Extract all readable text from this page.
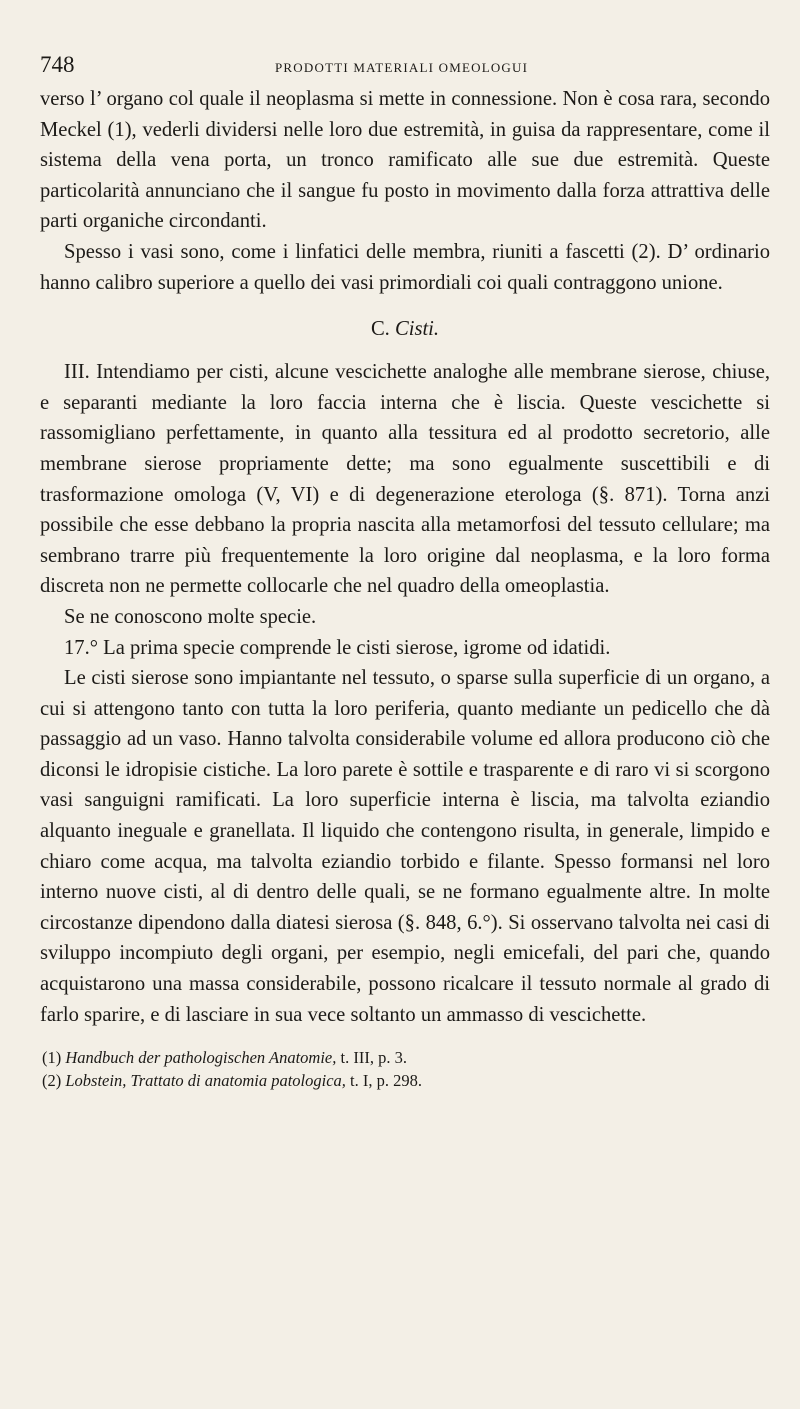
748	PRODOTTI MATERIALI OMEOLOGUI

verso l’ organo col quale il neoplasma si mette in connessione. Non è cosa rara, secondo Meckel (1), vederli dividersi nelle loro due estremità, in guisa da rappresentare, come il sistema della vena porta, un tronco ramificato alle sue due estremità. Queste particolarità annunciano che il sangue fu posto in movimento dalla forza attrattiva delle parti organiche circondanti.

Spesso i vasi sono, come i linfatici delle membra, riuniti a fascetti (2). D’ ordinario hanno calibro superiore a quello dei vasi primordiali coi quali contraggono unione.

C. Cisti.

III. Intendiamo per cisti, alcune vescichette analoghe alle membrane sierose, chiuse, e separanti mediante la loro faccia interna che è liscia. Queste vescichette si rassomigliano perfettamente, in quanto alla tessitura ed al prodotto secretorio, alle membrane sierose propriamente dette; ma sono egualmente suscettibili e di trasformazione omologa (V, VI) e di degenerazione eterologa (§. 871). Torna anzi possibile che esse debbano la propria nascita alla metamorfosi del tessuto cellulare; ma sembrano trarre più frequentemente la loro origine dal neoplasma, e la loro forma discreta non ne permette collocarle che nel quadro della omeoplastia.

Se ne conoscono molte specie.

17.° La prima specie comprende le cisti sierose, igrome od idatidi.

Le cisti sierose sono impiantante nel tessuto, o sparse sulla superficie di un organo, a cui si attengono tanto con tutta la loro periferia, quanto mediante un pedicello che dà passaggio ad un vaso. Hanno talvolta considerabile volume ed allora producono ciò che diconsi le idropisie cistiche. La loro parete è sottile e trasparente e di raro vi si scorgono vasi sanguigni ramificati. La loro superficie interna è liscia, ma talvolta eziandio alquanto ineguale e granellata. Il liquido che contengono risulta, in generale, limpido e chiaro come acqua, ma talvolta eziandio torbido e filante. Spesso formansi nel loro interno nuove cisti, al di dentro delle quali, se ne formano egualmente altre. In molte circostanze dipendono dalla diatesi sierosa (§. 848, 6.°). Si osservano talvolta nei casi di sviluppo incompiuto degli organi, per esempio, negli emicefali, del pari che, quando acquistarono una massa considerabile, possono ricalcare il tessuto normale al grado di farlo sparire, e di lasciare in sua vece soltanto un ammasso di vescichette.

(1) Handbuch der pathologischen Anatomie, t. III, p. 3.

(2) Lobstein, Trattato di anatomia patologica, t. I, p. 298.
